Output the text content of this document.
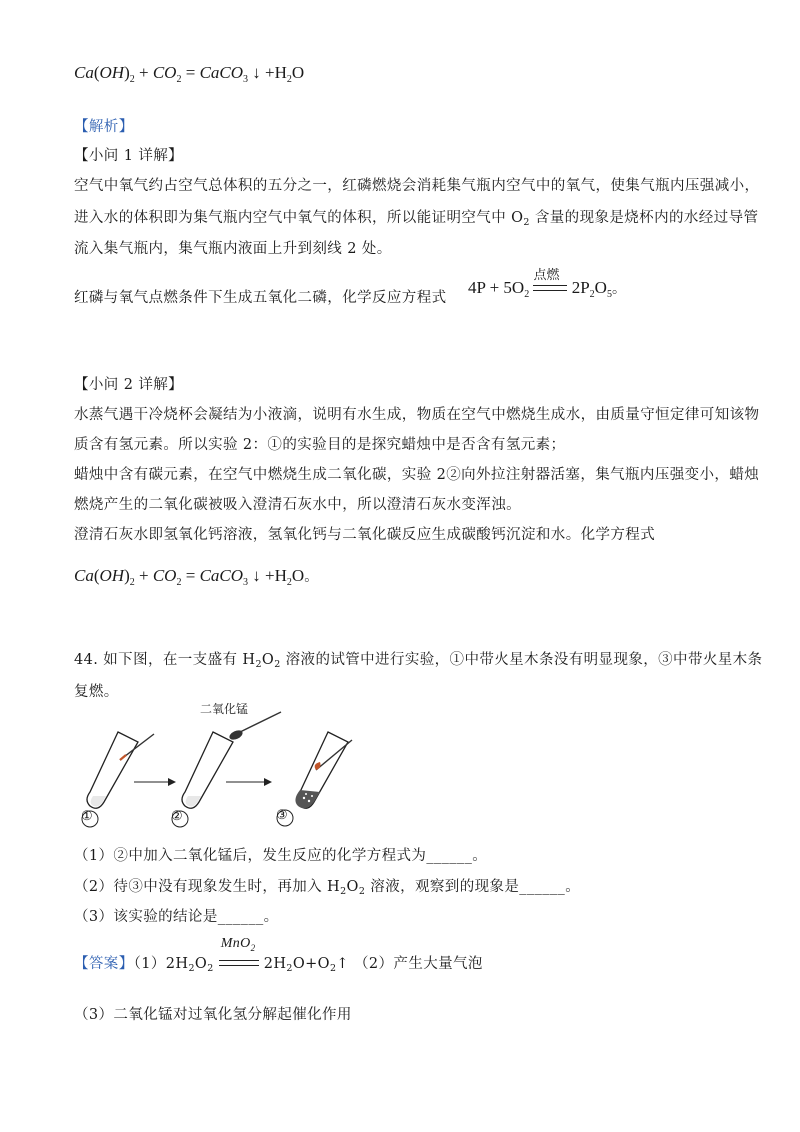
$Ca(OH)_2 + CO_2$ = CaCO$_3$ ↓ $+H_2O$
【解析】
【小问 1 详解】
空气中氧气约占空气总体积的五分之一，红磷燃烧会消耗集气瓶内空气中的氧气，使集气瓶内压强减小，
进入水的体积即为集气瓶内空气中氧气的体积，所以能证明空气中 $O_2$ 含量的现象是烧杯内的水经过导管
流入集气瓶内，集气瓶内液面上升到刻线 2 处。
红磷与氧气点燃条件下生成五氧化二磷，化学反应方程式
$4P + 5O_2$
点燃
$2P_2O_5$。
【小问 2 详解】
水蒸气遇干冷烧杯会凝结为小液滴，说明有水生成，物质在空气中燃烧生成水，由质量守恒定律可知该物
质含有氢元素。所以实验 2：①的实验目的是探究蜡烛中是否含有氢元素；
蜡烛中含有碳元素，在空气中燃烧生成二氧化碳，实验 2②向外拉注射器活塞，集气瓶内压强变小，蜡烛
燃烧产生的二氧化碳被吸入澄清石灰水中，所以澄清石灰水变浑浊。
澄清石灰水即氢氧化钙溶液，氢氧化钙与二氧化碳反应生成碳酸钙沉淀和水。化学方程式
$Ca(OH)_2 + CO_2$ = CaCO$_3$ ↓ $+H_2O$。
44. 如下图，在一支盛有 $H_2O_2$ 溶液的试管中进行实验，①中带火星木条没有明显现象，③中带火星木条
复燃。
二氧化锰
①	②	③
（1）②中加入二氧化锰后，发生反应的化学方程式为______。
（2）待③中没有现象发生时，再加入 $H_2O_2$ 溶液，观察到的现象是______。
（3）该实验的结论是______。
【答案】$(1)2H_2O_2$
MnO$_2$
$2H_2O+O_2↑$ （2）产生大量气泡
（3）二氧化锰对过氧化氢分解起催化作用
